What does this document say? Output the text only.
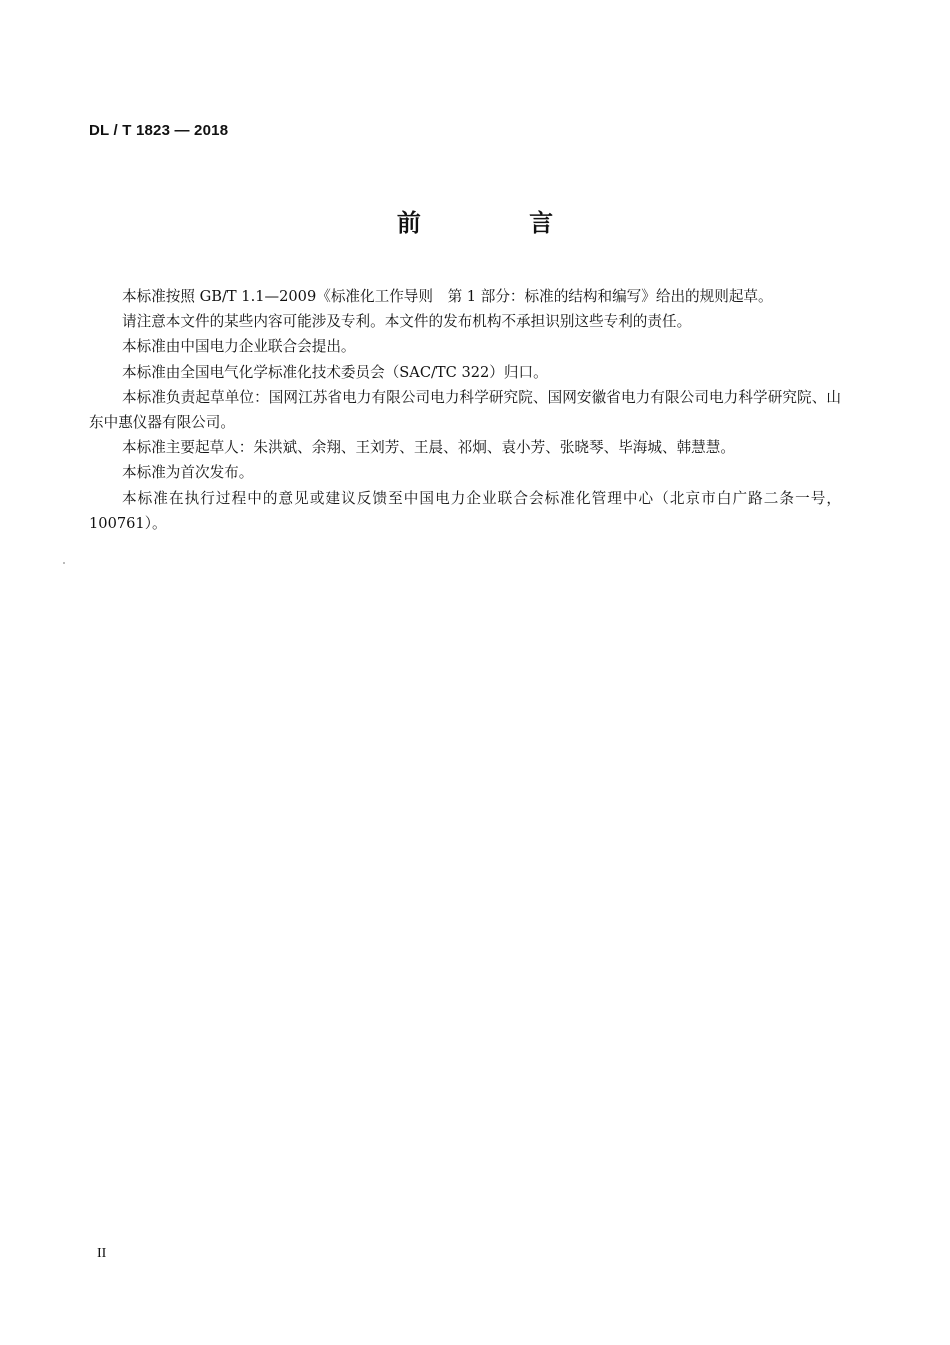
DL / T 1823 — 2018
前 言

本标准按照 GB/T 1.1—2009《标准化工作导则　第 1 部分：标准的结构和编写》给出的规则起草。

请注意本文件的某些内容可能涉及专利。本文件的发布机构不承担识别这些专利的责任。

本标准由中国电力企业联合会提出。

本标准由全国电气化学标准化技术委员会（SAC/TC 322）归口。

本标准负责起草单位：国网江苏省电力有限公司电力科学研究院、国网安徽省电力有限公司电力科学研究院、山东中惠仪器有限公司。

本标准主要起草人：朱洪斌、余翔、王刘芳、王晨、祁炯、袁小芳、张晓琴、毕海城、韩慧慧。

本标准为首次发布。

本标准在执行过程中的意见或建议反馈至中国电力企业联合会标准化管理中心（北京市白广路二条一号，100761）。

II
